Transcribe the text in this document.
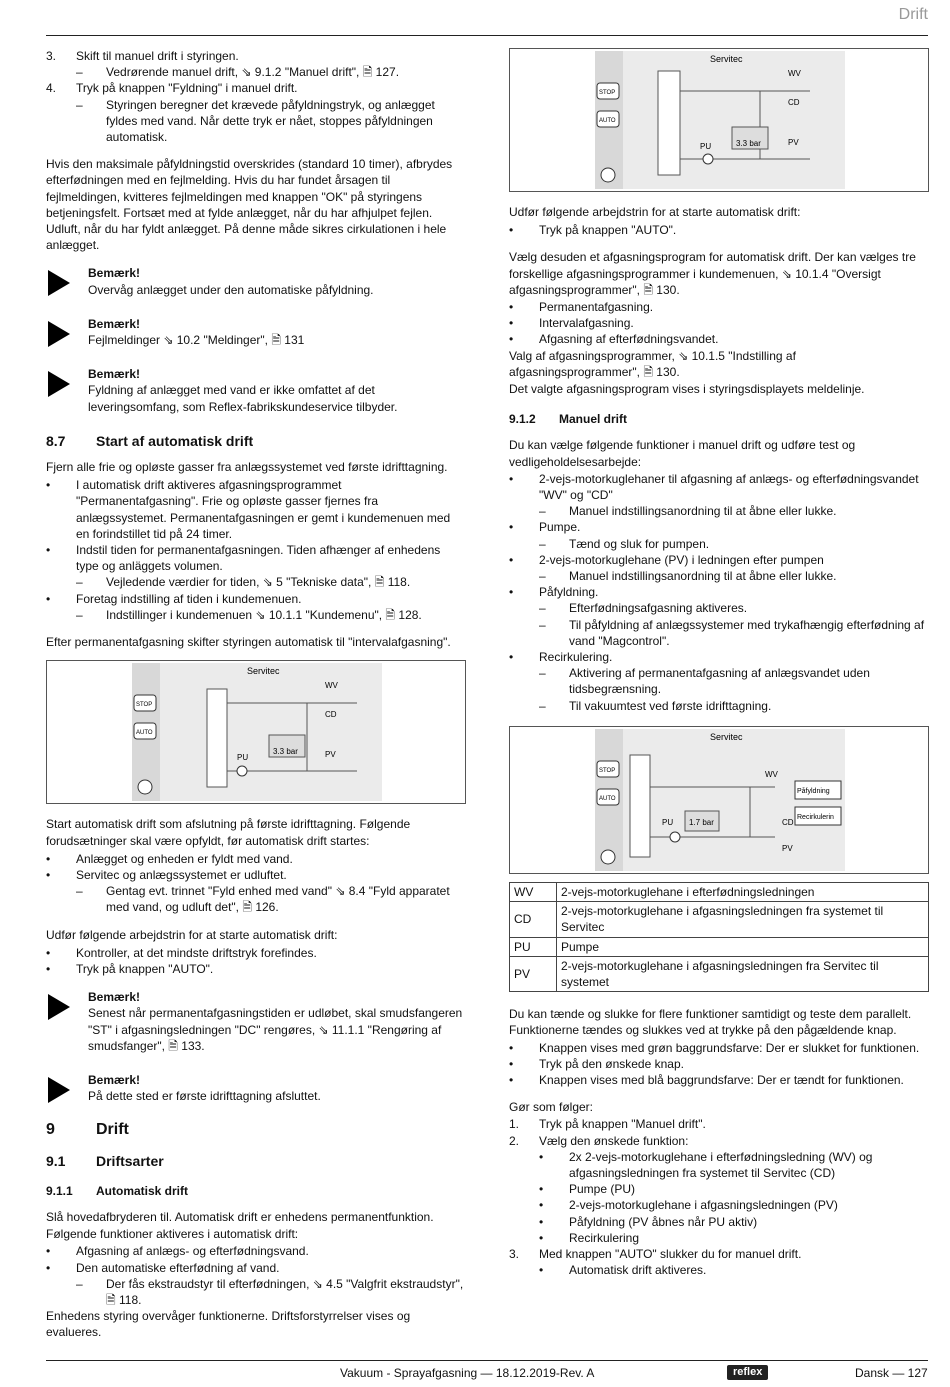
Drift
3. Skift til manuel drift i styringen.
– Vedrørende manuel drift, ⇘ 9.1.2 "Manuel drift", 🗎 127.
4. Tryk på knappen "Fyldning" i manuel drift.
– Styringen beregner det krævede påfyldningstryk, og anlægget fyldes med vand. Når dette tryk er nået, stoppes påfyldningen automatisk.

Hvis den maksimale påfyldningstid overskrides (standard 10 timer), afbrydes efterfødningen med en fejlmelding. Hvis du har fundet årsagen til fejlmeldingen, kvitteres fejlmeldingen med knappen "OK" på styringens betjeningsfelt. Fortsæt med at fylde anlægget, når du har afhjulpet fejlen. Udluft, når du har fyldt anlægget. På denne måde sikres cirkulationen i hele anlægget.

Bemærk!
Overvåg anlægget under den automatiske påfyldning.
Bemærk!
Fejlmeldinger ⇘ 10.2 "Meldinger", 🗎 131
Bemærk!
Fyldning af anlægget med vand er ikke omfattet af det leveringsomfang, som Reflex-fabrikskundeservice tilbyder.
8.7 Start af automatisk drift

Fjern alle frie og opløste gasser fra anlægssystemet ved første idrifttagning.

• I automatisk drift aktiveres afgasningsprogrammet "Permanentafgasning". Frie og opløste gasser fjernes fra anlægssystemet. Permanentafgasningen er gemt i kundemenuen med en forindstillet tid på 24 timer.
• Indstil tiden for permanentafgasningen. Tiden afhænger af enhedens type og anläggets volumen.
– Vejledende værdier for tiden, ⇘ 5 "Tekniske data", 🗎 118.
• Foretag indstilling af tiden i kundemenuen.
– Indstillinger i kundemenuen ⇘ 10.1.1 "Kundemenu", 🗎 128.

Efter permanentafgasning skifter styringen automatisk til "intervalafgasning".

Servitec
3.3 bar
WV
CD
PV
PU
STOP
AUTO

Start automatisk drift som afslutning på første idrifttagning. Følgende forudsætninger skal være opfyldt, før automatisk drift startes:

• Anlægget og enheden er fyldt med vand.
• Servitec og anlægssystemet er udluftet.
– Gentag evt. trinnet "Fyld enhed med vand" ⇘ 8.4 "Fyld apparatet med vand, og udluft det", 🗎 126.

Udfør følgende arbejdstrin for at starte automatisk drift:

• Kontroller, at det mindste driftstryk forefindes.
• Tryk på knappen "AUTO".
Bemærk!
Senest når permanentafgasningstiden er udløbet, skal smudsfangeren "ST" i afgasningsledningen "DC" rengøres, ⇘ 11.1.1 "Rengøring af smudsfanger", 🗎 133.
Bemærk!
På dette sted er første idrifttagning afsluttet.
9	Drift
9.1 Driftsarter
9.1.1 Automatisk drift

Slå hovedafbryderen til. Automatisk drift er enhedens permanentfunktion.

Følgende funktioner aktiveres i automatisk drift:

• Afgasning af anlægs- og efterfødningsvand.
• Den automatiske efterfødning af vand.
– Der fås ekstraudstyr til efterfødningen, ⇘ 4.5 "Valgfrit ekstraudstyr", 🗎 118.

Enhedens styring overvåger funktionerne. Driftsforstyrrelser vises og evalueres.

Servitec
3.3 bar
WV
CD
PV
PU
STOP
AUTO

Udfør følgende arbejdstrin for at starte automatisk drift:

• Tryk på knappen "AUTO".

Vælg desuden et afgasningsprogram for automatisk drift. Der kan vælges tre forskellige afgasningsprogrammer i kundemenuen, ⇘ 10.1.4 "Oversigt afgasningsprogrammer", 🗎 130.

• Permanentafgasning.
• Intervalafgasning.
• Afgasning af efterfødningsvandet.

Valg af afgasningsprogrammer, ⇘ 10.1.5 "Indstilling af afgasningsprogrammer", 🗎 130.

Det valgte afgasningsprogram vises i styringsdisplayets meldelinje.

9.1.2 Manuel drift

Du kan vælge følgende funktioner i manuel drift og udføre test og vedligeholdelsesarbejde:

• 2-vejs-motorkuglehaner til afgasning af anlægs- og efterfødningsvandet "WV" og "CD"
– Manuel indstillingsanordning til at åbne eller lukke.
• Pumpe.
– Tænd og sluk for pumpen.
• 2-vejs-motorkuglehane (PV) i ledningen efter pumpen
– Manuel indstillingsanordning til at åbne eller lukke.
• Påfyldning.
– Efterfødningsafgasning aktiveres.
– Til påfyldning af anlægssystemer med trykafhængig efterfødning af vand "Magcontrol".
• Recirkulering.
– Aktivering af permanentafgasning af anlægsvandet uden tidsbegrænsning.
– Til vakuumtest ved første idrifttagning.
Servitec
1.7 bar
WV
CD
PV
PU
Påfyldning
Recirkulerin
STOP
AUTO
WV	2-vejs-motorkuglehane i efterfødningsledningen
CD	2-vejs-motorkuglehane i afgasningsledningen fra systemet til Servitec
PU	Pumpe
PV	2-vejs-motorkuglehane i afgasningsledningen fra Servitec til systemet

Du kan tænde og slukke for flere funktioner samtidigt og teste dem parallelt. Funktionerne tændes og slukkes ved at trykke på den pågældende knap.

• Knappen vises med grøn baggrundsfarve: Der er slukket for funktionen.
• Tryk på den ønskede knap.
• Knappen vises med blå baggrundsfarve: Der er tændt for funktionen.

Gør som følger:

1. Tryk på knappen "Manuel drift".
2. Vælg den ønskede funktion:
• 2x 2-vejs-motorkuglehane i efterfødningsledning (WV) og afgasningsledningen fra systemet til Servitec (CD)
• Pumpe (PU)
• 2-vejs-motorkuglehane i afgasningsledningen (PV)
• Påfyldning (PV åbnes når PU aktiv)
• Recirkulering
3. Med knappen "AUTO" slukker du for manuel drift.
• Automatisk drift aktiveres.
Vakuum - Sprayafgasning — 18.12.2019-Rev. A	reflex	Dansk — 127
